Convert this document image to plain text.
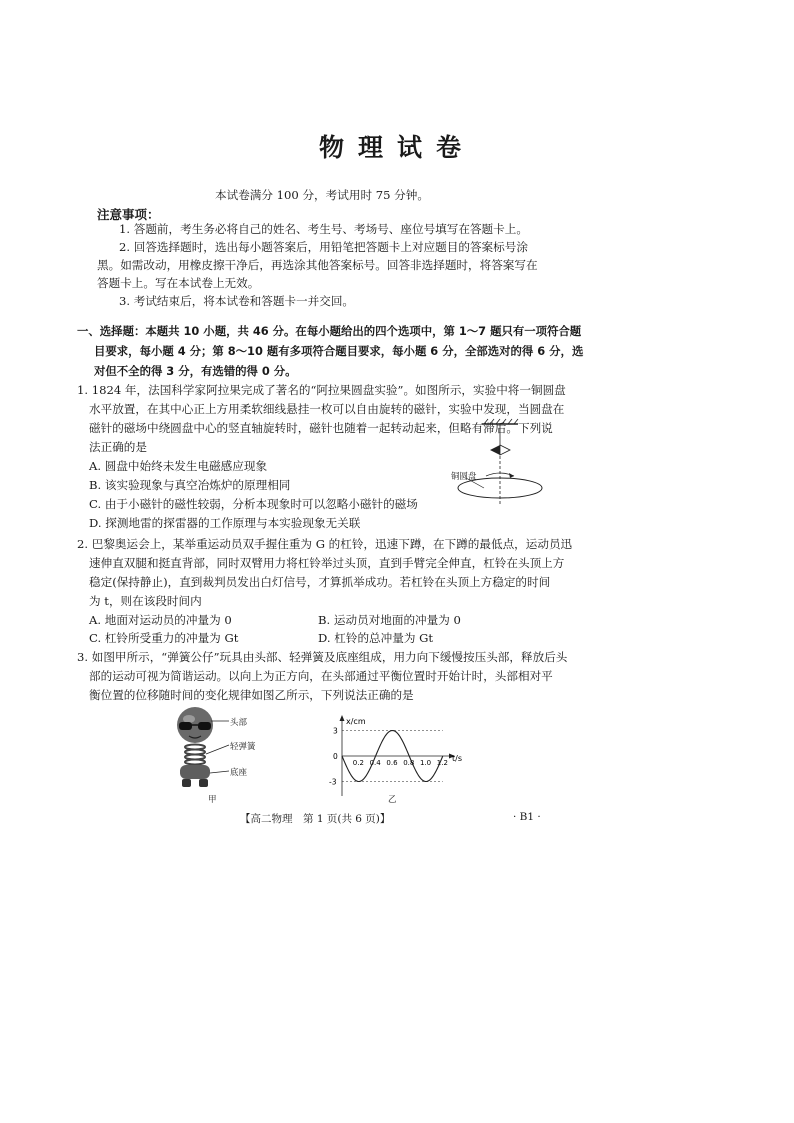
物理试卷
本试卷满分 100 分，考试用时 75 分钟。
注意事项：
1. 答题前，考生务必将自己的姓名、考生号、考场号、座位号填写在答题卡上。
2. 回答选择题时，选出每小题答案后，用铅笔把答题卡上对应题目的答案标号涂
黑。如需改动，用橡皮擦干净后，再选涂其他答案标号。回答非选择题时，将答案写在
答题卡上。写在本试卷上无效。
3. 考试结束后，将本试卷和答题卡一并交回。
一、选择题：本题共 10 小题，共 46 分。在每小题给出的四个选项中，第 1～7 题只有一项符合题
目要求，每小题 4 分；第 8～10 题有多项符合题目要求，每小题 6 分，全部选对的得 6 分，选
对但不全的得 3 分，有选错的得 0 分。
1. 1824 年，法国科学家阿拉果完成了著名的“阿拉果圆盘实验”。如图所示，实验中将一铜圆盘
水平放置，在其中心正上方用柔软细线悬挂一枚可以自由旋转的磁针，实验中发现，当圆盘在
磁针的磁场中绕圆盘中心的竖直轴旋转时，磁针也随着一起转动起来，但略有滞后。下列说
法正确的是
A. 圆盘中始终未发生电磁感应现象
B. 该实验现象与真空冶炼炉的原理相同
C. 由于小磁针的磁性较弱，分析本现象时可以忽略小磁针的磁场
D. 探测地雷的探雷器的工作原理与本实验现象无关联
铜圆盘
2. 巴黎奥运会上，某举重运动员双手握住重为 G 的杠铃，迅速下蹲，在下蹲的最低点，运动员迅
速伸直双腿和挺直背部，同时双臂用力将杠铃举过头顶，直到手臂完全伸直，杠铃在头顶上方
稳定(保持静止)，直到裁判员发出白灯信号，才算抓举成功。若杠铃在头顶上方稳定的时间
为 t，则在该段时间内
A. 地面对运动员的冲量为 0	B. 运动员对地面的冲量为 0
C. 杠铃所受重力的冲量为 Gt	D. 杠铃的总冲量为 Gt
3. 如图甲所示，“弹簧公仔”玩具由头部、轻弹簧及底座组成，用力向下缓慢按压头部，释放后头
部的运动可视为简谐运动。以向上为正方向，在头部通过平衡位置时开始计时，头部相对平
衡位置的位移随时间的变化规律如图乙所示，下列说法正确的是
头部
轻弹簧
底座
甲
x/cm
t/s
3
0
-3
0.2 0.4 0.6 0.8 1.0 1.2
乙
【高二物理　第 1 页(共 6 页)】	· B1 ·
